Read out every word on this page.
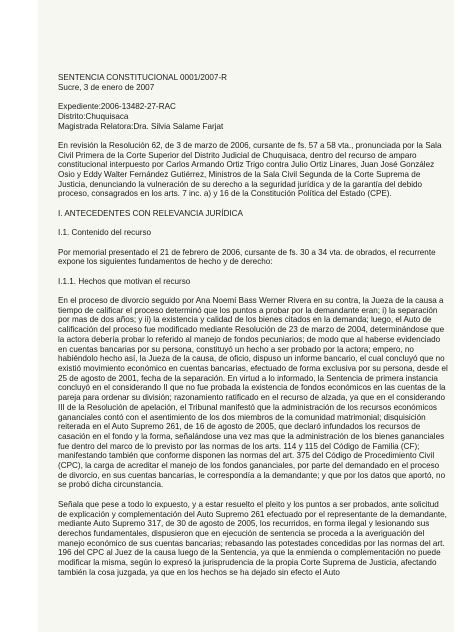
SENTENCIA CONSTITUCIONAL 0001/2007-R

Sucre, 3 de enero de 2007

Expediente:2006-13482-27-RAC

Distrito:Chuquisaca

Magistrada Relatora:Dra. Silvia Salame Farjat

En revisión la Resolución 62, de 3 de marzo de 2006, cursante de fs. 57 a 58 vta., pronunciada por la Sala Civil Primera de la Corte Superior del Distrito Judicial de Chuquisaca, dentro del recurso de amparo constitucional interpuesto por Carlos Armando Ortiz Trigo contra Julio Ortiz Linares, Juan José González Osio y Eddy Walter Fernández Gutiérrez, Ministros de la Sala Civil Segunda de la Corte Suprema de Justicia, denunciando la vulneración de su derecho a la seguridad jurídica y de la garantía del debido proceso, consagrados en los arts. 7 inc. a) y 16 de la Constitución Política del Estado (CPE).

I. ANTECEDENTES CON RELEVANCIA JURÍDICA

I.1. Contenido del recurso

Por memorial presentado el 21 de febrero de 2006, cursante de fs. 30 a 34 vta. de obrados, el recurrente expone los siguientes fundamentos de hecho y de derecho:

I.1.1. Hechos que motivan el recurso

En el proceso de divorcio seguido por Ana Noemí Bass Werner Rivera en su contra, la Jueza de la causa a tiempo de calificar el proceso determinó que los puntos a probar por la demandante eran; i) la separación por mas de dos años; y ii) la existencia y calidad de los bienes citados en la demanda; luego, el Auto de calificación del proceso fue modificado mediante Resolución de 23 de marzo de 2004, determinándose que la actora debería probar lo referido al manejo de fondos pecuniarios; de modo que al haberse evidenciado en cuentas bancarias por su persona, constituyó un hecho a ser probado por la actora; empero, no habiéndolo hecho así, la Jueza de la causa, de oficio, dispuso un informe bancario, el cual concluyó que no existió movimiento económico en cuentas bancarias, efectuado de forma exclusiva por su persona, desde el 25 de agosto de 2001, fecha de la separación. En virtud a lo informado, la Sentencia de primera instancia concluyó en el considerando II que no fue probada la existencia de fondos económicos en las cuentas de la pareja para ordenar su división; razonamiento ratificado en el recurso de alzada, ya que en el considerando III de la Resolución de apelación, el Tribunal manifestó que la administración de los recursos económicos gananciales contó con el asentimiento de los dos miembros de la comunidad matrimonial; disquisición reiterada en el Auto Supremo 261, de 16 de agosto de 2005, que declaró infundados los recursos de casación en el fondo y la forma, señalándose una vez mas que la administración de los bienes gananciales fue dentro del marco de lo previsto por las normas de los arts. 114 y 115 del Código de Familia (CF); manifestando también que conforme disponen las normas del art. 375 del Código de Procedimiento Civil (CPC), la carga de acreditar el manejo de los fondos gananciales, por parte del demandado en el proceso de divorcio, en sus cuentas bancarias, le correspondía a la demandante; y que por los datos que aportó, no se probó dicha circunstancia.

Señala que pese a todo lo expuesto, y a estar resuelto el pleito y los puntos a ser probados, ante solicitud de explicación y complementación del Auto Supremo 261 efectuado por el representante de la demandante, mediante Auto Supremo 317, de 30 de agosto de 2005, los recurridos, en forma ilegal y lesionando sus derechos fundamentales, dispusieron que en ejecución de sentencia se proceda a la averiguación del manejo económico de sus cuentas bancarias; rebasando las potestades concedidas por las normas del art. 196 del CPC al Juez de la causa luego de la Sentencia, ya que la enmienda o complementación no puede modificar la misma, según lo expresó la jurisprudencia de la propia Corte Suprema de Justicia, afectando también la cosa juzgada, ya que en los hechos se ha dejado sin efecto el Auto
